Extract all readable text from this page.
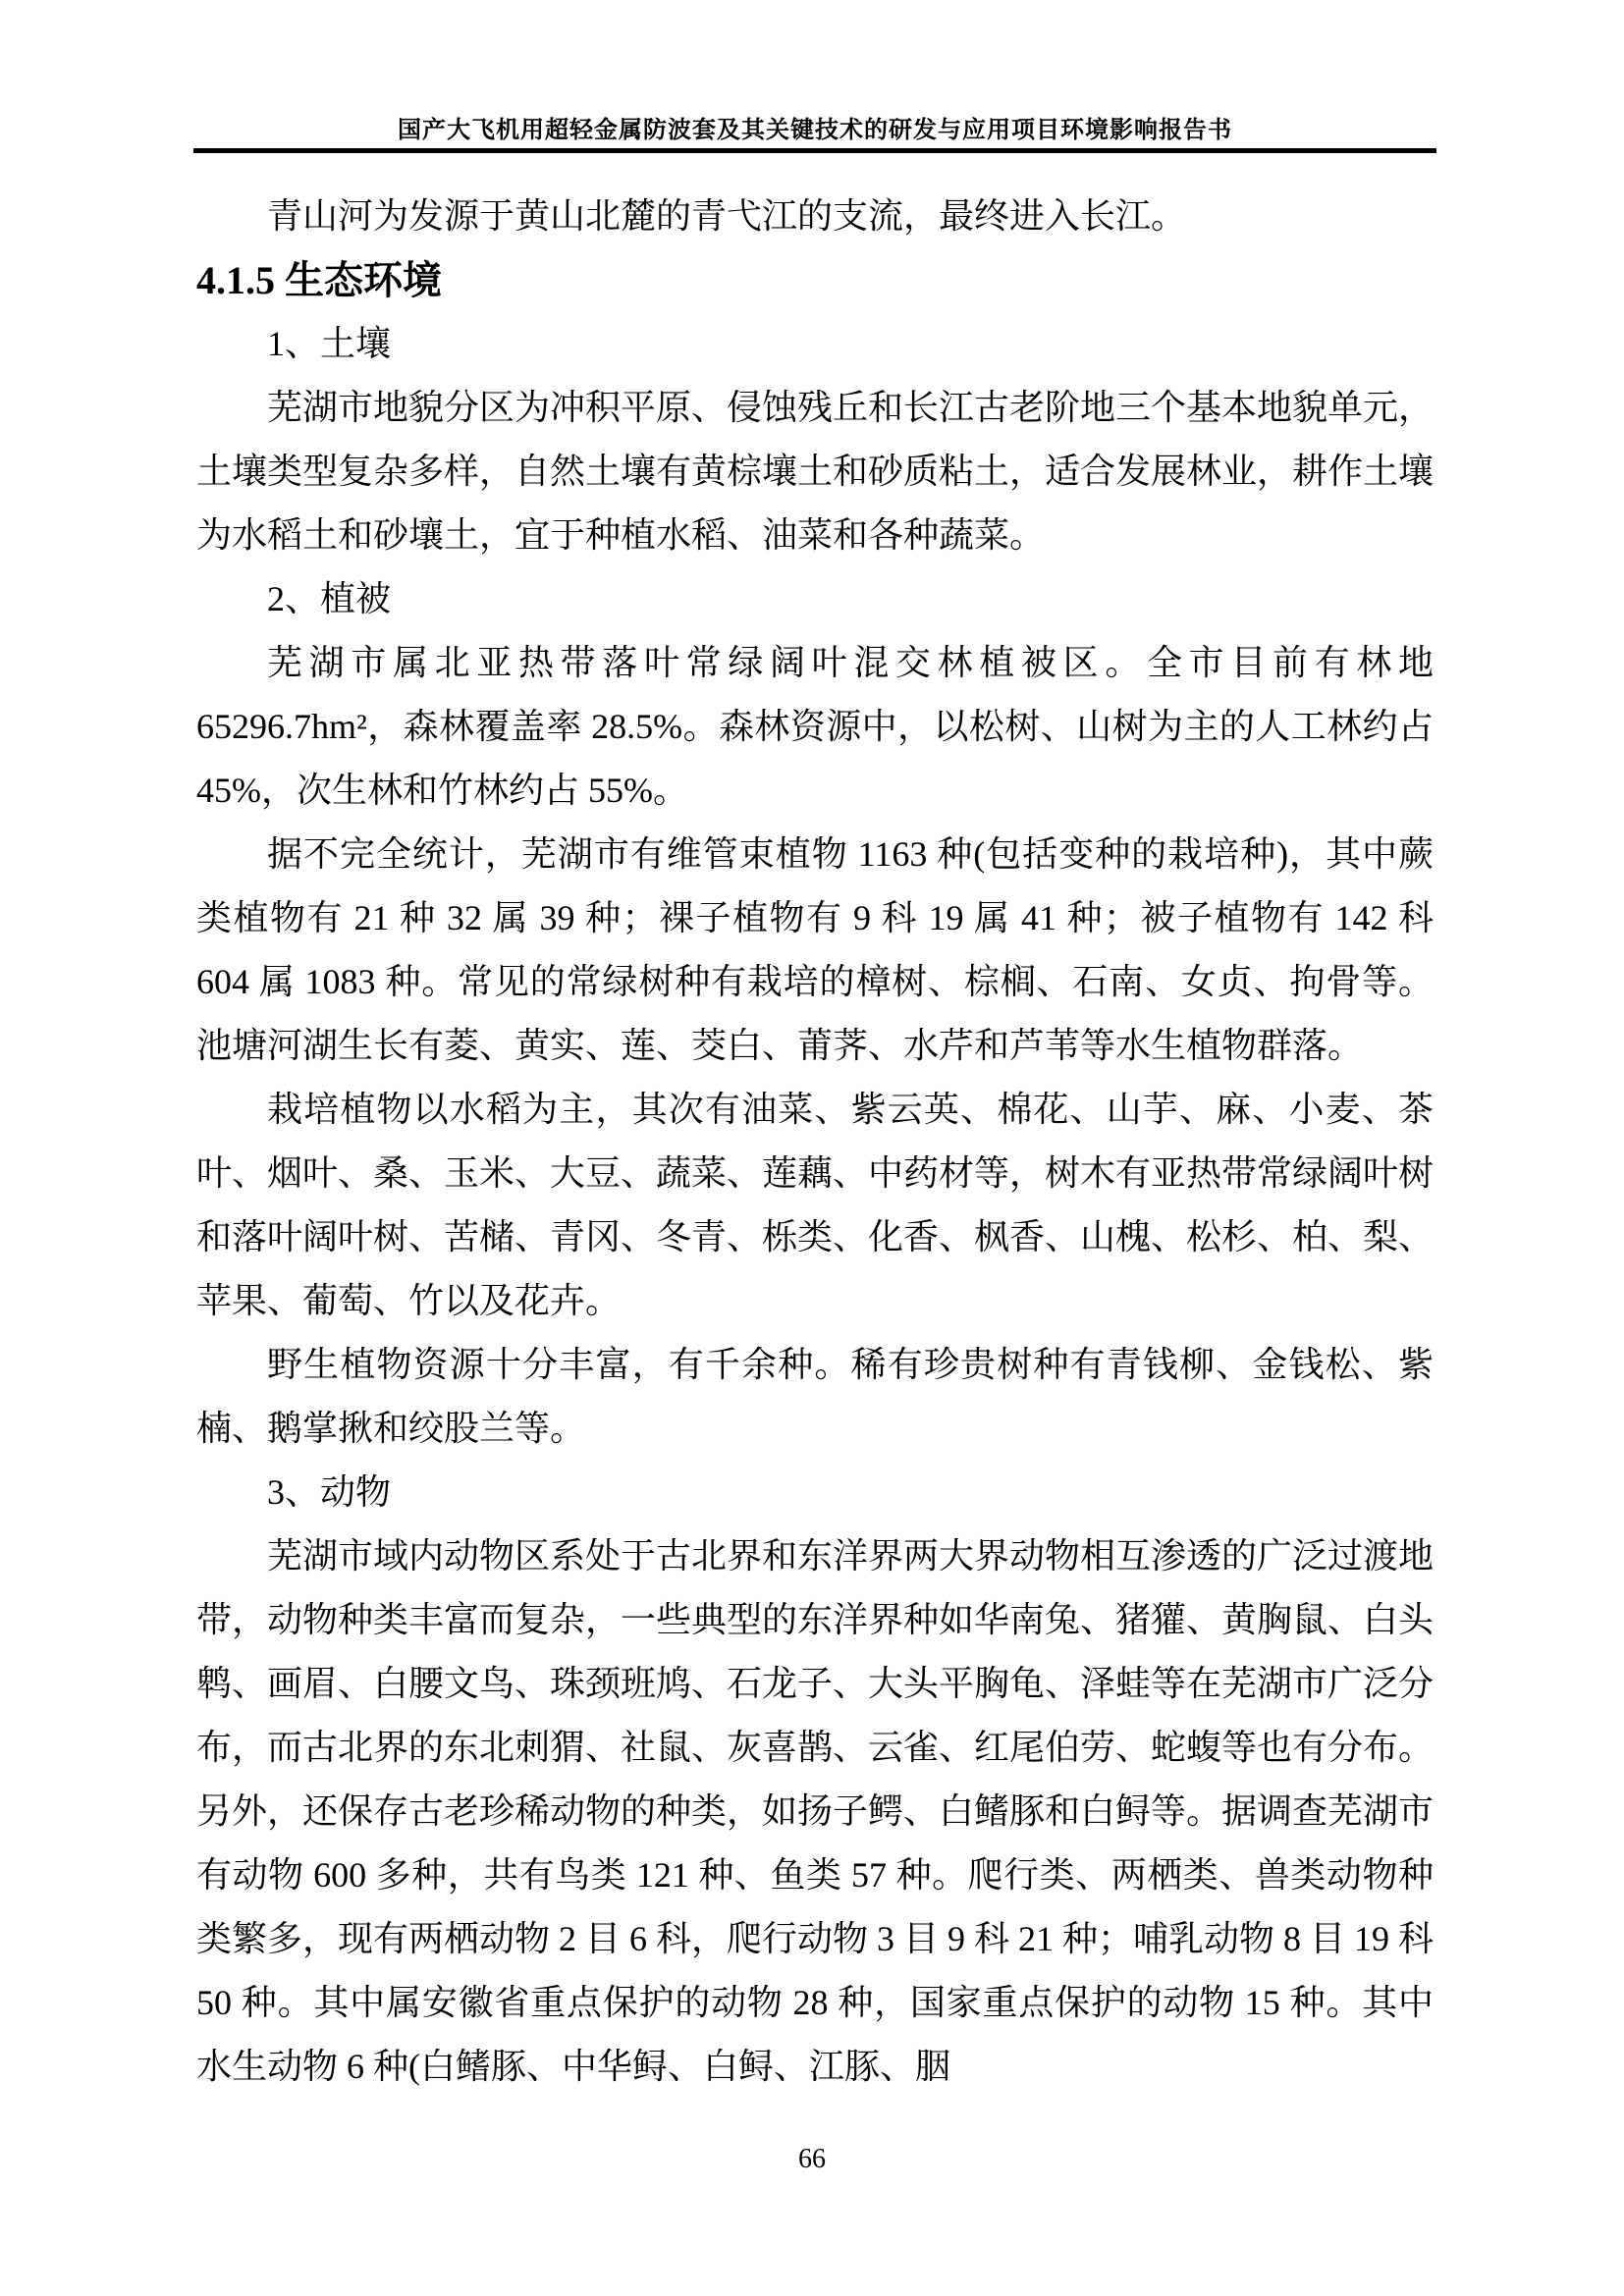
国产大飞机用超轻金属防波套及其关键技术的研发与应用项目环境影响报告书

青山河为发源于黄山北麓的青弋江的支流，最终进入长江。

4.1.5 生态环境

1、土壤

芜湖市地貌分区为冲积平原、侵蚀残丘和长江古老阶地三个基本地貌单元，土壤类型复杂多样，自然土壤有黄棕壤土和砂质粘土，适合发展林业，耕作土壤为水稻土和砂壤土，宜于种植水稻、油菜和各种蔬菜。

2、植被

芜湖市属北亚热带落叶常绿阔叶混交林植被区。全市目前有林地 65296.7hm²，森林覆盖率 28.5%。森林资源中，以松树、山树为主的人工林约占 45%，次生林和竹林约占 55%。

据不完全统计，芜湖市有维管束植物 1163 种(包括变种的栽培种)，其中蕨类植物有 21 种 32 属 39 种；裸子植物有 9 科 19 属 41 种；被子植物有 142 科 604 属 1083 种。常见的常绿树种有栽培的樟树、棕榈、石南、女贞、拘骨等。池塘河湖生长有菱、黄实、莲、茭白、莆荠、水芹和芦苇等水生植物群落。

栽培植物以水稻为主，其次有油菜、紫云英、棉花、山芋、麻、小麦、茶叶、烟叶、桑、玉米、大豆、蔬菜、莲藕、中药材等，树木有亚热带常绿阔叶树和落叶阔叶树、苦槠、青冈、冬青、栎类、化香、枫香、山槐、松杉、柏、梨、苹果、葡萄、竹以及花卉。

野生植物资源十分丰富，有千余种。稀有珍贵树种有青钱柳、金钱松、紫楠、鹅掌揪和绞股兰等。

3、动物

芜湖市域内动物区系处于古北界和东洋界两大界动物相互渗透的广泛过渡地带，动物种类丰富而复杂，一些典型的东洋界种如华南兔、猪獾、黄胸鼠、白头鹎、画眉、白腰文鸟、珠颈班鸠、石龙子、大头平胸龟、泽蛙等在芜湖市广泛分布，而古北界的东北刺猬、社鼠、灰喜鹊、云雀、红尾伯劳、蛇蝮等也有分布。另外，还保存古老珍稀动物的种类，如扬子鳄、白鳍豚和白鲟等。据调查芜湖市有动物 600 多种，共有鸟类 121 种、鱼类 57 种。爬行类、两栖类、兽类动物种类繁多，现有两栖动物 2 目 6 科，爬行动物 3 目 9 科 21 种；哺乳动物 8 目 19 科 50 种。其中属安徽省重点保护的动物 28 种，国家重点保护的动物 15 种。其中水生动物 6 种(白鳍豚、中华鲟、白鲟、江豚、胭

66
